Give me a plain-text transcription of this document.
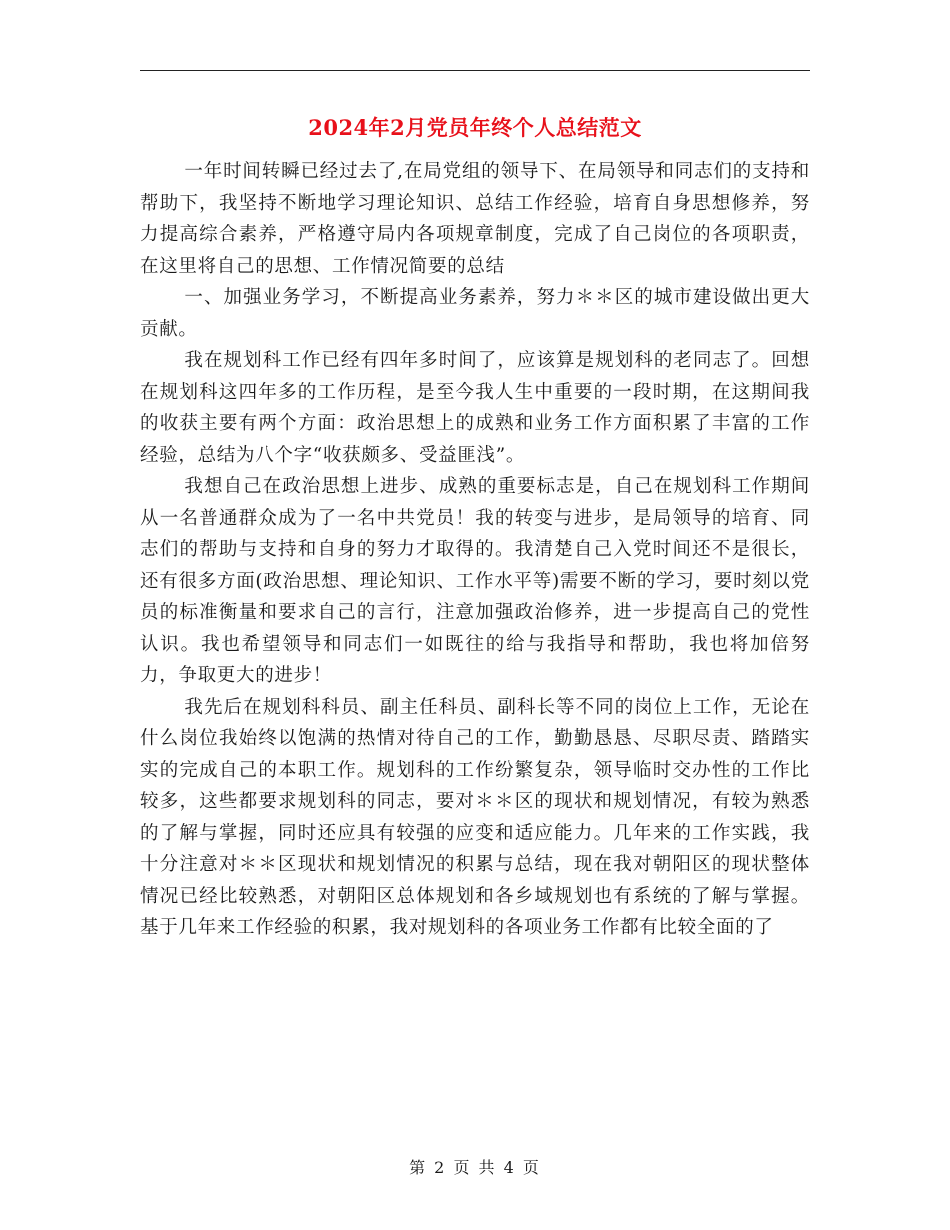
2024年2月党员年终个人总结范文

一年时间转瞬已经过去了,在局党组的领导下、在局领导和同志们的支持和帮助下，我坚持不断地学习理论知识、总结工作经验，培育自身思想修养，努力提高综合素养，严格遵守局内各项规章制度，完成了自己岗位的各项职责，在这里将自己的思想、工作情况简要的总结

一、加强业务学习，不断提高业务素养，努力＊＊区的城市建设做出更大贡献。

我在规划科工作已经有四年多时间了，应该算是规划科的老同志了。回想在规划科这四年多的工作历程，是至今我人生中重要的一段时期，在这期间我的收获主要有两个方面：政治思想上的成熟和业务工作方面积累了丰富的工作经验，总结为八个字“收获颇多、受益匪浅”。

我想自己在政治思想上进步、成熟的重要标志是，自己在规划科工作期间从一名普通群众成为了一名中共党员！我的转变与进步，是局领导的培育、同志们的帮助与支持和自身的努力才取得的。我清楚自己入党时间还不是很长，还有很多方面(政治思想、理论知识、工作水平等)需要不断的学习，要时刻以党员的标准衡量和要求自己的言行，注意加强政治修养，进一步提高自己的党性认识。我也希望领导和同志们一如既往的给与我指导和帮助，我也将加倍努力，争取更大的进步！

我先后在规划科科员、副主任科员、副科长等不同的岗位上工作，无论在什么岗位我始终以饱满的热情对待自己的工作，勤勤恳恳、尽职尽责、踏踏实实的完成自己的本职工作。规划科的工作纷繁复杂，领导临时交办性的工作比较多，这些都要求规划科的同志，要对＊＊区的现状和规划情况，有较为熟悉的了解与掌握，同时还应具有较强的应变和适应能力。几年来的工作实践，我十分注意对＊＊区现状和规划情况的积累与总结，现在我对朝阳区的现状整体情况已经比较熟悉，对朝阳区总体规划和各乡域规划也有系统的了解与掌握。基于几年来工作经验的积累，我对规划科的各项业务工作都有比较全面的了

第 2 页 共 4 页
